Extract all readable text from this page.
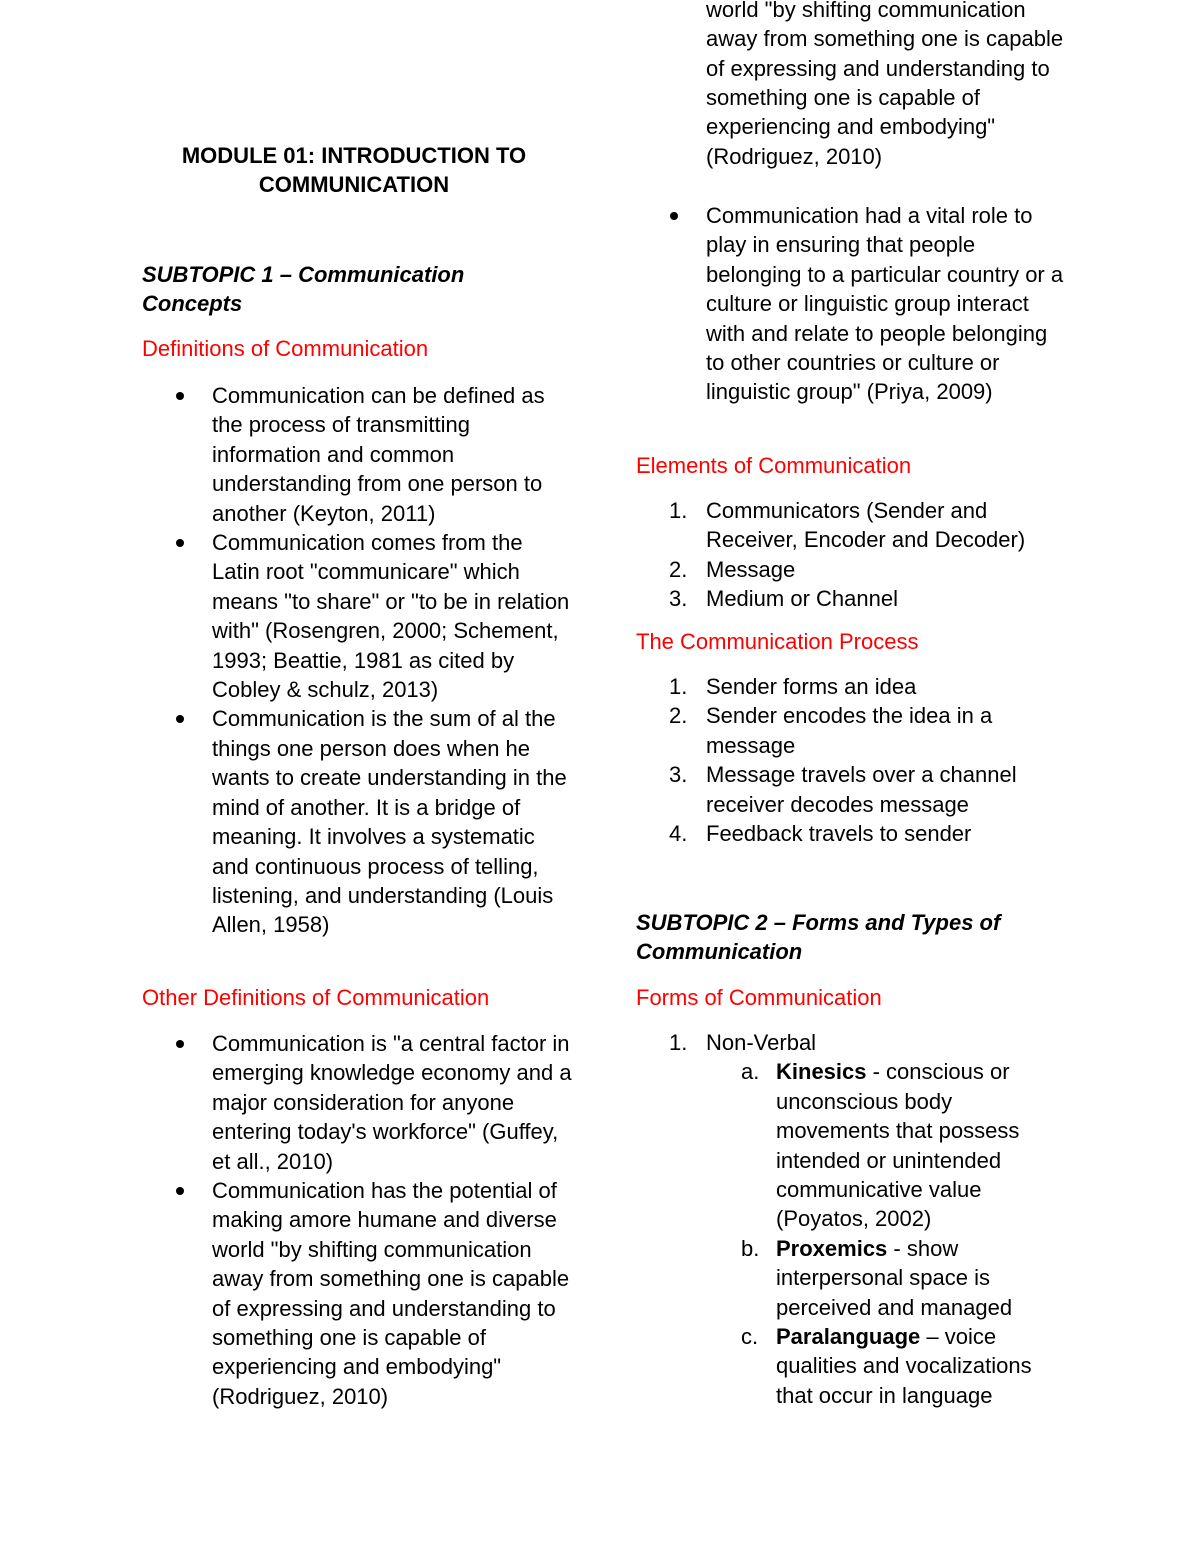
MODULE 01: INTRODUCTION TO
COMMUNICATION
SUBTOPIC 1 – Communication
Concepts
Definitions of Communication
Communication can be defined as the process of transmitting information and common understanding from one person to another (Keyton, 2011)
Communication comes from the Latin root "communicare" which means "to share" or "to be in relation with" (Rosengren, 2000; Schement, 1993; Beattie, 1981 as cited by Cobley & schulz, 2013)
Communication is the sum of al the things one person does when he wants to create understanding in the mind of another. It is a bridge of meaning. It involves a systematic and continuous process of telling, listening, and understanding (Louis Allen, 1958)
Other Definitions of Communication
Communication is "a central factor in emerging knowledge economy and a major consideration for anyone entering today's workforce" (Guffey, et all., 2010)
Communication has the potential of making amore humane and diverse world "by shifting communication away from something one is capable of expressing and understanding to something one is capable of experiencing and embodying" (Rodriguez, 2010)
world "by shifting communication away from something one is capable of expressing and understanding to something one is capable of experiencing and embodying" (Rodriguez, 2010)
Communication had a vital role to play in ensuring that people belonging to a particular country or a culture or linguistic group interact with and relate to people belonging to other countries or culture or linguistic group" (Priya, 2009)
Elements of Communication
1. Communicators (Sender and Receiver, Encoder and Decoder)
2. Message
3. Medium or Channel
The Communication Process
1. Sender forms an idea
2. Sender encodes the idea in a message
3. Message travels over a channel receiver decodes message
4. Feedback travels to sender
SUBTOPIC 2 – Forms and Types of
Communication
Forms of Communication
1. Non-Verbal
a. Kinesics - conscious or unconscious body movements that possess intended or unintended communicative value (Poyatos, 2002)
b. Proxemics - show interpersonal space is perceived and managed
c. Paralanguage – voice qualities and vocalizations that occur in language
